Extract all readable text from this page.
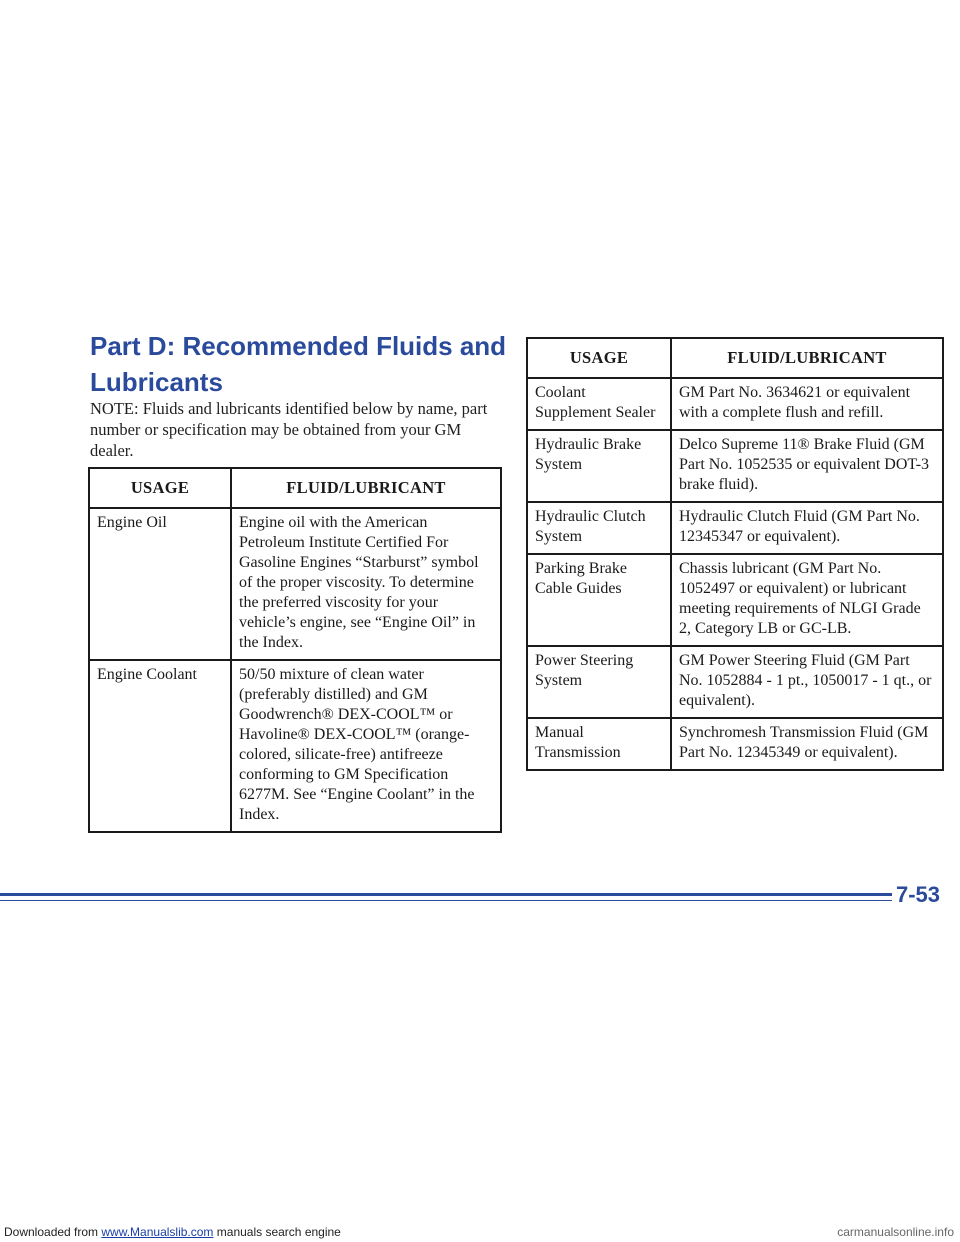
Part D: Recommended Fluids and Lubricants
NOTE: Fluids and lubricants identified below by name, part number or specification may be obtained from your GM dealer.
USAGE	FLUID/LUBRICANT
Engine Oil	Engine oil with the American Petroleum Institute Certified For Gasoline Engines “Starburst” symbol of the proper viscosity. To determine the preferred viscosity for your vehicle’s engine, see “Engine Oil” in the Index.
Engine Coolant	50/50 mixture of clean water (preferably distilled) and GM Goodwrench® DEX-COOL™ or Havoline® DEX-COOL™ (orange-colored, silicate-free) antifreeze conforming to GM Specification 6277M. See “Engine Coolant” in the Index.
USAGE	FLUID/LUBRICANT
Coolant Supplement Sealer	GM Part No. 3634621 or equivalent with a complete flush and refill.
Hydraulic Brake System	Delco Supreme 11® Brake Fluid (GM Part No. 1052535 or equivalent DOT-3 brake fluid).
Hydraulic Clutch System	Hydraulic Clutch Fluid (GM Part No. 12345347 or equivalent).
Parking Brake Cable Guides	Chassis lubricant (GM Part No. 1052497 or equivalent) or lubricant meeting requirements of NLGI Grade 2, Category LB or GC-LB.
Power Steering System	GM Power Steering Fluid (GM Part No. 1052884 - 1 pt., 1050017 - 1 qt., or equivalent).
Manual Transmission	Synchromesh Transmission Fluid (GM Part No. 12345349 or equivalent).
7-53
Downloaded from www.Manualslib.com manuals search engine	carmanualsonline.info
